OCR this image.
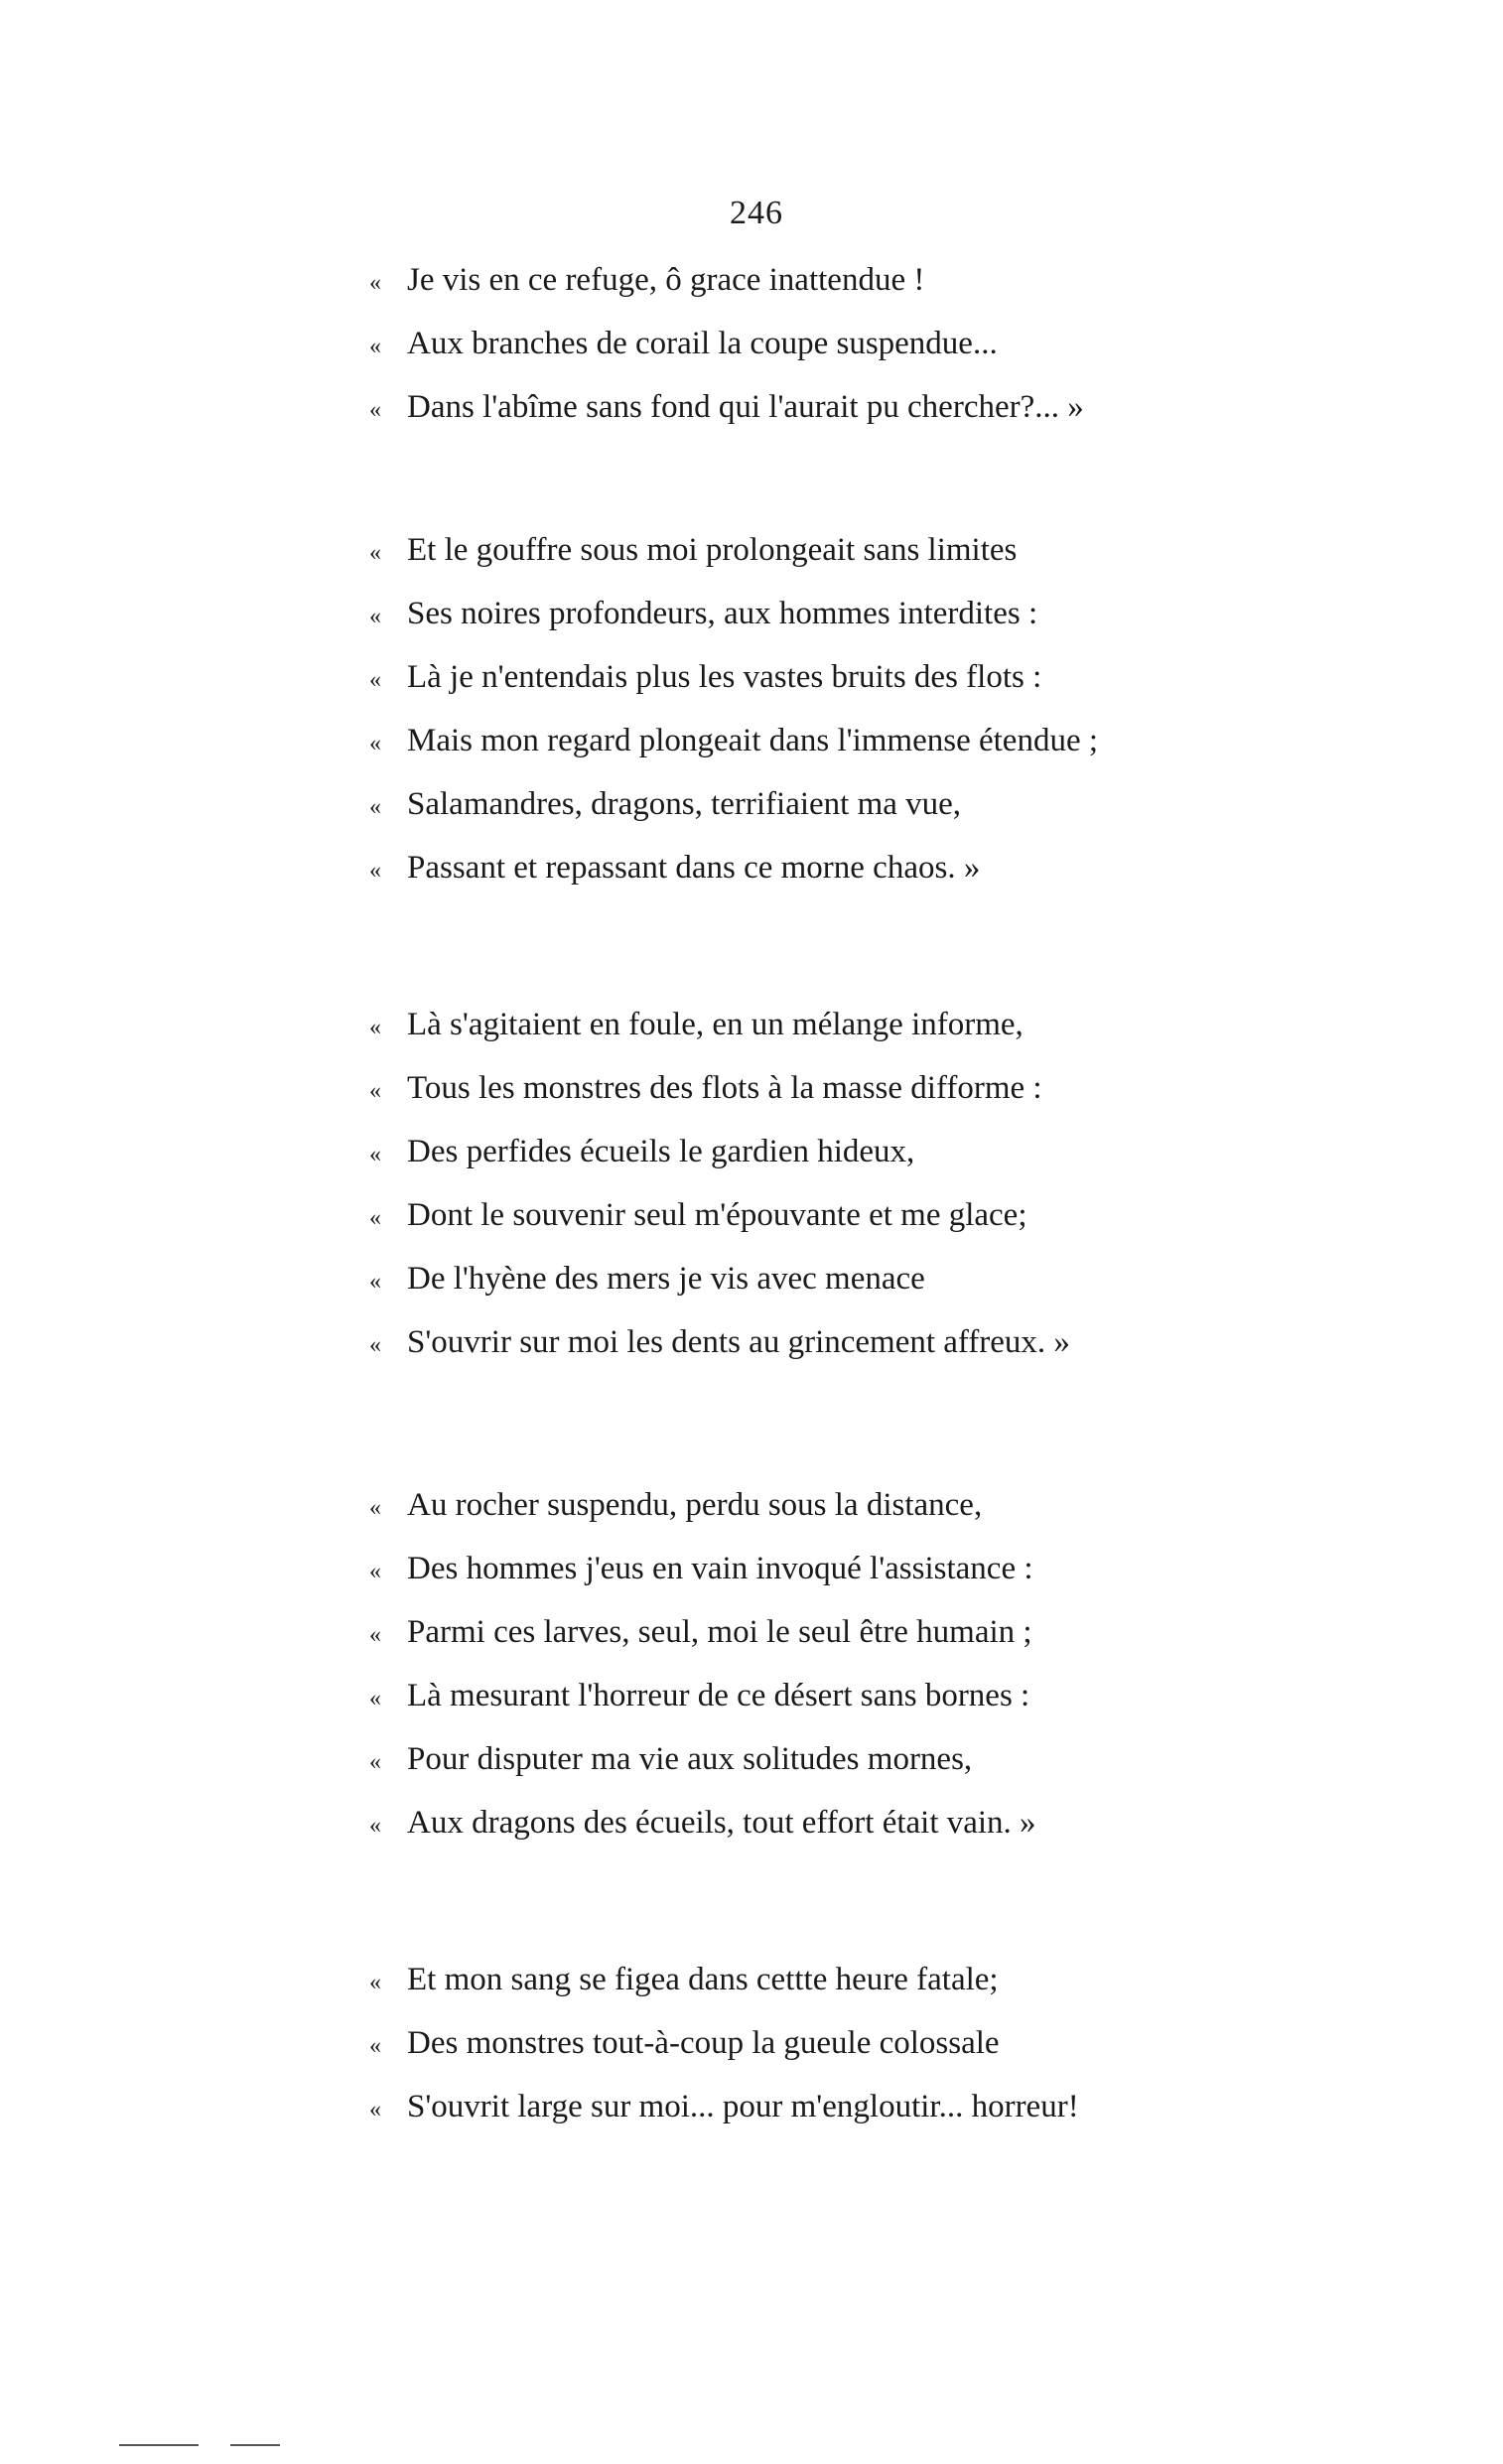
246
« Je vis en ce refuge, ô grace inattendue !
« Aux branches de corail la coupe suspendue...
« Dans l'abîme sans fond qui l'aurait pu chercher?... »
« Et le gouffre sous moi prolongeait sans limites
« Ses noires profondeurs, aux hommes interdites :
« Là je n'entendais plus les vastes bruits des flots :
« Mais mon regard plongeait dans l'immense étendue ;
« Salamandres, dragons, terrifiaient ma vue,
« Passant et repassant dans ce morne chaos. »
« Là s'agitaient en foule, en un mélange informe,
« Tous les monstres des flots à la masse difforme :
« Des perfides écueils le gardien hideux,
« Dont le souvenir seul m'épouvante et me glace;
« De l'hyène des mers je vis avec menace
« S'ouvrir sur moi les dents au grincement affreux. »
« Au rocher suspendu, perdu sous la distance,
« Des hommes j'eus en vain invoqué l'assistance :
« Parmi ces larves, seul, moi le seul être humain ;
« Là mesurant l'horreur de ce désert sans bornes :
« Pour disputer ma vie aux solitudes mornes,
« Aux dragons des écueils, tout effort était vain. »
« Et mon sang se figea dans cettte heure fatale;
« Des monstres tout-à-coup la gueule colossale
« S'ouvrit large sur moi... pour m'engloutir... horreur!
